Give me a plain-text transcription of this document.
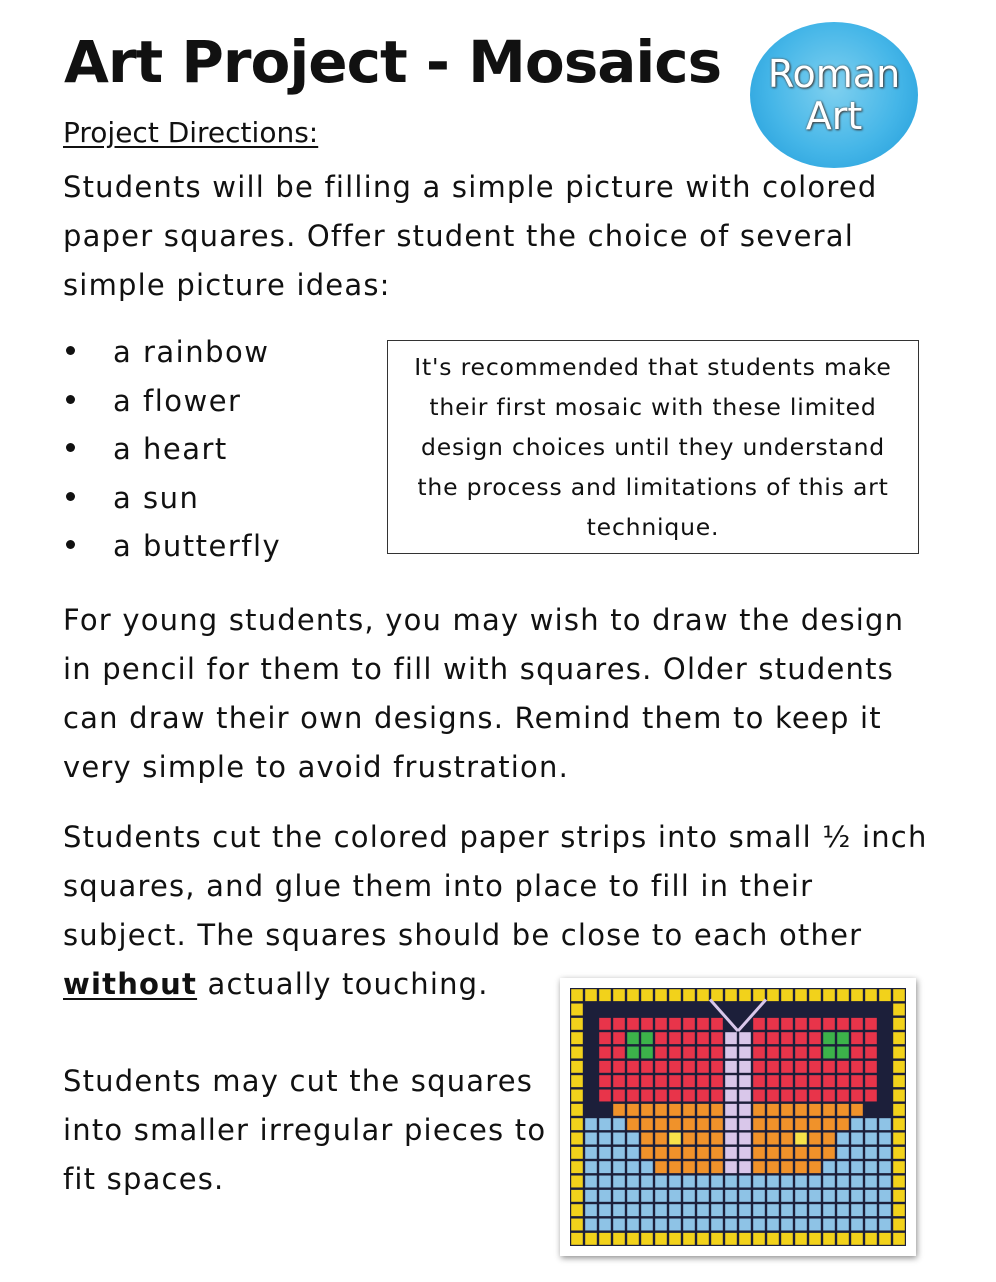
Art Project - Mosaics Roman
Art
Project Directions:

Students will be filling a simple picture with colored paper squares. Offer student the choice of several simple picture ideas:

a rainbow
a flower
a heart
a sun
a butterfly
It's recommended that students make their first mosaic with these limited design choices until they understand the process and limitations of this art technique.

For young students, you may wish to draw the design in pencil for them to fill with squares. Older students can draw their own designs. Remind them to keep it very simple to avoid frustration.

Students cut the colored paper strips into small ½ inch squares, and glue them into place to fill in their subject. The squares should be close to each other
without actually touching.

Students may cut the squares into smaller irregular pieces to fit spaces.
